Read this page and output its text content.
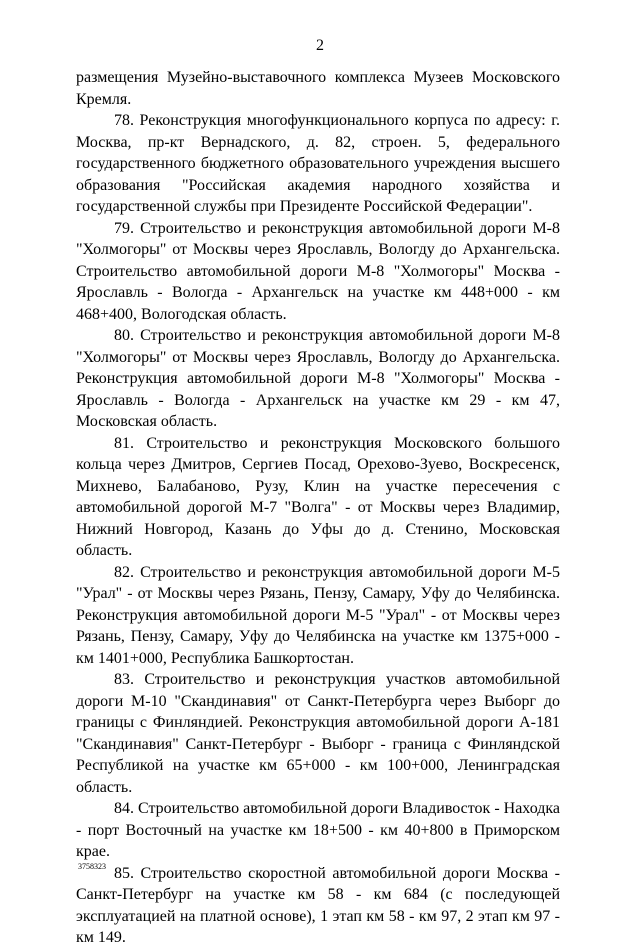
2

размещения Музейно-выставочного комплекса Музеев Московского Кремля.

78. Реконструкция многофункционального корпуса по адресу: г. Москва, пр-кт Вернадского, д. 82, строен. 5, федерального государственного бюджетного образовательного учреждения высшего образования "Российская академия народного хозяйства и государственной службы при Президенте Российской Федерации".

79. Строительство и реконструкция автомобильной дороги М-8 "Холмогоры" от Москвы через Ярославль, Вологду до Архангельска. Строительство автомобильной дороги М-8 "Холмогоры" Москва - Ярославль - Вологда - Архангельск на участке км 448+000 - км 468+400, Вологодская область.

80. Строительство и реконструкция автомобильной дороги М-8 "Холмогоры" от Москвы через Ярославль, Вологду до Архангельска. Реконструкция автомобильной дороги М-8 "Холмогоры" Москва - Ярославль - Вологда - Архангельск на участке км 29 - км 47, Московская область.

81. Строительство и реконструкция Московского большого кольца через Дмитров, Сергиев Посад, Орехово-Зуево, Воскресенск, Михнево, Балабаново, Рузу, Клин на участке пересечения с автомобильной дорогой М-7 "Волга" - от Москвы через Владимир, Нижний Новгород, Казань до Уфы до д. Стенино, Московская область.

82. Строительство и реконструкция автомобильной дороги М-5 "Урал" - от Москвы через Рязань, Пензу, Самару, Уфу до Челябинска. Реконструкция автомобильной дороги М-5 "Урал" - от Москвы через Рязань, Пензу, Самару, Уфу до Челябинска на участке км 1375+000 - км 1401+000, Республика Башкортостан.

83. Строительство и реконструкция участков автомобильной дороги М-10 "Скандинавия" от Санкт-Петербурга через Выборг до границы с Финляндией. Реконструкция автомобильной дороги А-181 "Скандинавия" Санкт-Петербург - Выборг - граница с Финляндской Республикой на участке км 65+000 - км 100+000, Ленинградская область.

84. Строительство автомобильной дороги Владивосток - Находка - порт Восточный на участке км 18+500 - км 40+800 в Приморском крае.

85. Строительство скоростной автомобильной дороги Москва - Санкт-Петербург на участке км 58 - км 684 (с последующей эксплуатацией на платной основе), 1 этап км 58 - км 97, 2 этап км 97 - км 149.

3758323
